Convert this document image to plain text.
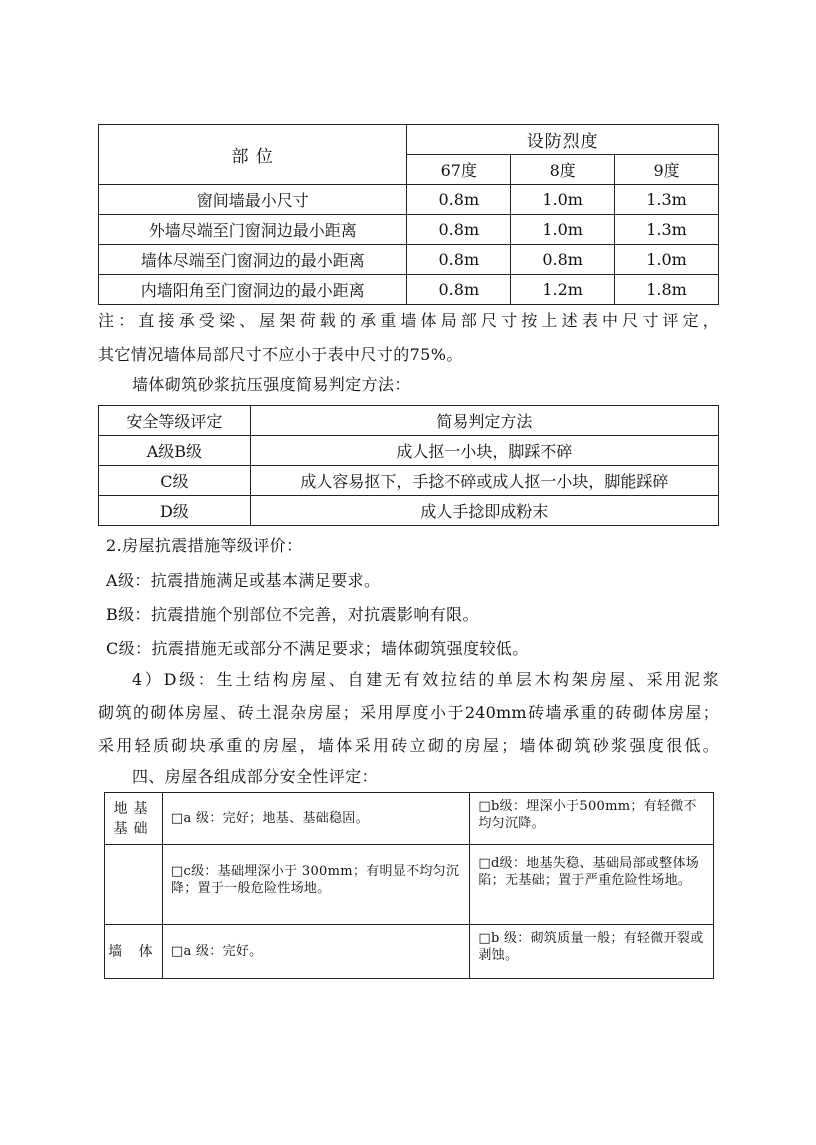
部 位	设防烈度		
	67度	8度	9度
窗间墙最小尺寸	0.8m	1.0m	1.3m
外墙尽端至门窗洞边最小距离	0.8m	1.0m	1.3m
墙体尽端至门窗洞边的最小距离	0.8m	0.8m	1.0m
内墙阳角至门窗洞边的最小距离	0.8m	1.2m	1.8m
注：直接承受梁、屋架荷载的承重墙体局部尺寸按上述表中尺寸评定，
其它情况墙体局部尺寸不应小于表中尺寸的75%。
墙体砌筑砂浆抗压强度简易判定方法：
安全等级评定	简易判定方法
A级B级	成人抠一小块，脚踩不碎
C级	成人容易抠下，手捻不碎或成人抠一小块，脚能踩碎
D级	成人手捻即成粉末
2.房屋抗震措施等级评价：
A级：抗震措施满足或基本满足要求。
B级：抗震措施个别部位不完善，对抗震影响有限。
C级：抗震措施无或部分不满足要求；墙体砌筑强度较低。
4）D级：生土结构房屋、自建无有效拉结的单层木构架房屋、采用泥浆
砌筑的砌体房屋、砖土混杂房屋；采用厚度小于240mm砖墙承重的砖砌体房屋；
采用轻质砌块承重的房屋，墙体采用砖立砌的房屋；墙体砌筑砂浆强度很低。
四、房屋各组成部分安全性评定：
地基基础	□a 级：完好；地基、基础稳固。	□b级：埋深小于500mm；有轻微不均匀沉降。
	□c级：基础埋深小于 300mm；有明显不均匀沉降；置于一般危险性场地。	□d级：地基失稳、基础局部或整体场陷；无基础；置于严重危险性场地。
墙 体	□a 级：完好。	□b 级：砌筑质量一般；有轻微开裂或剥蚀。
